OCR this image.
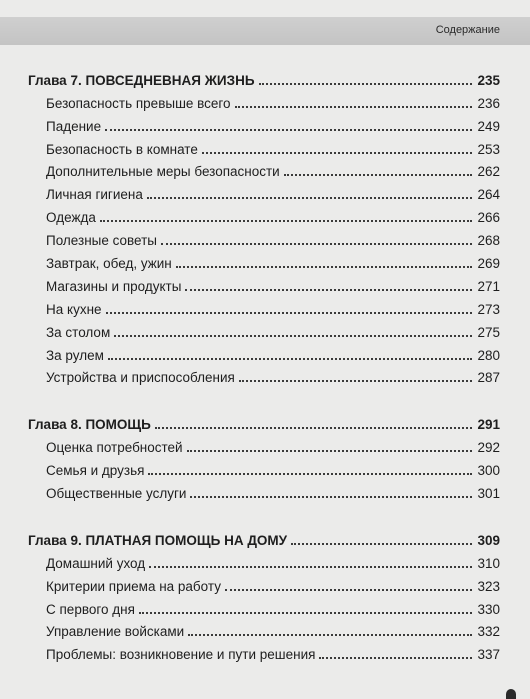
Содержание
Глава 7. ПОВСЕДНЕВНАЯ ЖИЗНЬ	235
Безопасность превыше всего	236
Падение	249
Безопасность в комнате	253
Дополнительные меры безопасности	262
Личная гигиена	264
Одежда	266
Полезные советы	268
Завтрак, обед, ужин	269
Магазины и продукты	271
На кухне	273
За столом	275
За рулем	280
Устройства и приспособления	287
Глава 8. ПОМОЩЬ	291
Оценка потребностей	292
Семья и друзья	300
Общественные услуги	301
Глава 9. ПЛАТНАЯ ПОМОЩЬ НА ДОМУ	309
Домашний уход	310
Критерии приема на работу	323
С первого дня	330
Управление войсками	332
Проблемы: возникновение и пути решения	337
